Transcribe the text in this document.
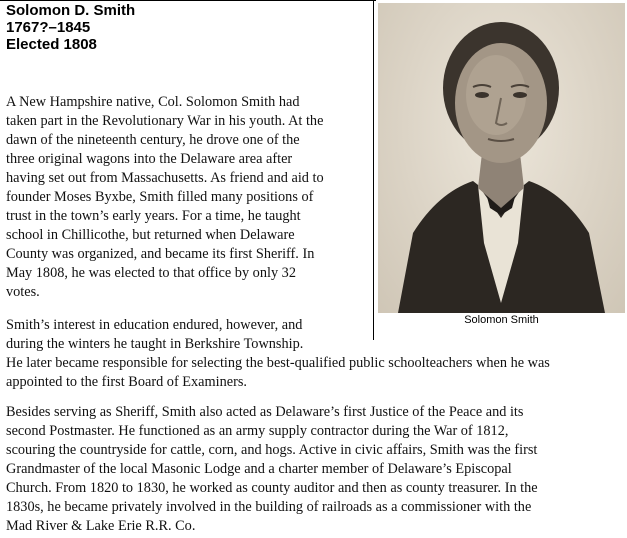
Solomon D. Smith
1767?–1845
Elected 1808
Solomon Smith
A New Hampshire native, Col. Solomon Smith had
taken part in the Revolutionary War in his youth. At the
dawn of the nineteenth century, he drove one of the
three original wagons into the Delaware area after
having set out from Massachusetts. As friend and aid to
founder Moses Byxbe, Smith filled many positions of
trust in the town’s early years. For a time, he taught
school in Chillicothe, but returned when Delaware
County was organized, and became its first Sheriff. In
May 1808, he was elected to that office by only 32
votes.
Smith’s interest in education endured, however, and
during the winters he taught in Berkshire Township.
He later became responsible for selecting the best-qualified public schoolteachers when he was
appointed to the first Board of Examiners.
Besides serving as Sheriff, Smith also acted as Delaware’s first Justice of the Peace and its
second Postmaster. He functioned as an army supply contractor during the War of 1812,
scouring the countryside for cattle, corn, and hogs. Active in civic affairs, Smith was the first
Grandmaster of the local Masonic Lodge and a charter member of Delaware’s Episcopal
Church. From 1820 to 1830, he worked as county auditor and then as county treasurer. In the
1830s, he became privately involved in the building of railroads as a commissioner with the
Mad River & Lake Erie R.R. Co.
